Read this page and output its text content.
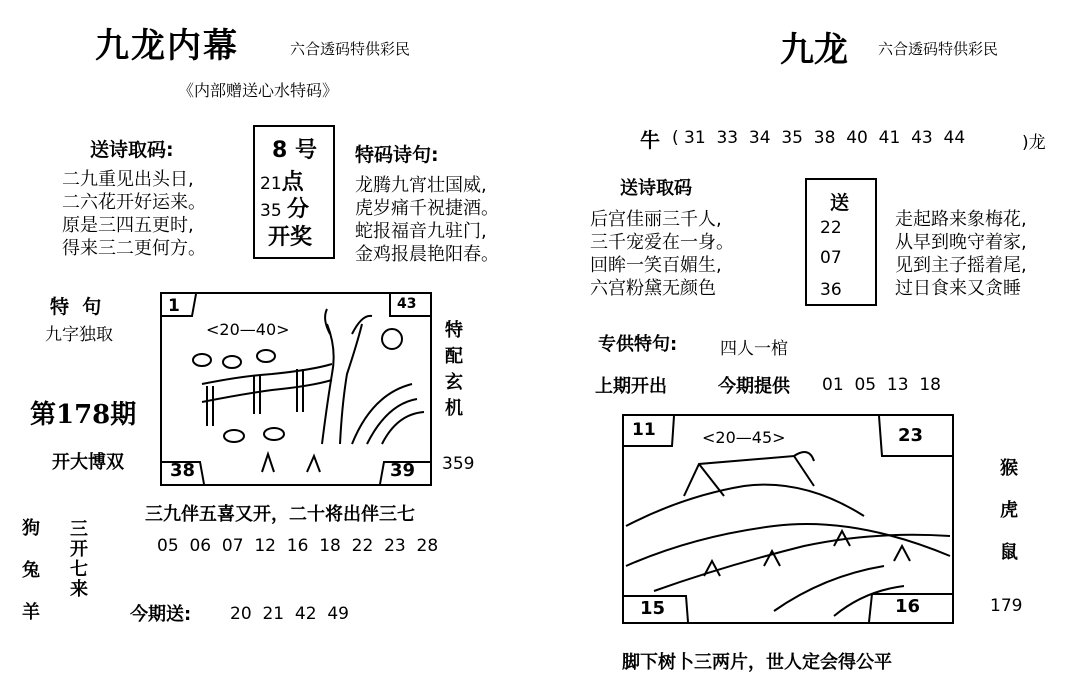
九龙内幕	六合透码特供彩民
《内部赠送心水特码》
送诗取码:
二九重见出头日,
二六花开好运来。
原是三四五更时,
得来三二更何方。
8 号
21点
35 分
开奖
特码诗句:
龙腾九宵壮国威,
虎岁痛千祝捷酒。
蛇报福音九驻门,
金鸡报晨艳阳春。
特  句
九字独取
第178期
开大博双
1	43
<20—40>
38	39
特
配
玄
机
359
三九伴五喜又开，二十将出伴三七
05  06  07  12  16  18  22  23  28
狗
兔
羊
三
开
七
来
今期送: 20  21  42  49
九龙 六合透码特供彩民
牛 ( 31  33  34  35  38  40  41  43  44	)龙
送诗取码
后宫佳丽三千人,
三千宠爱在一身。
回眸一笑百媚生,
六宫粉黛无颜色
送
22
07
36
走起路来象梅花,
从早到晚守着家,
见到主子摇着尾,
过日食来又贪睡
专供特句:	四人一棺
上期开出	今期提供 01  05  13  18
11	<20—45>	23
15	16
猴
虎
鼠
179
脚下树卜三两片，世人定会得公平
